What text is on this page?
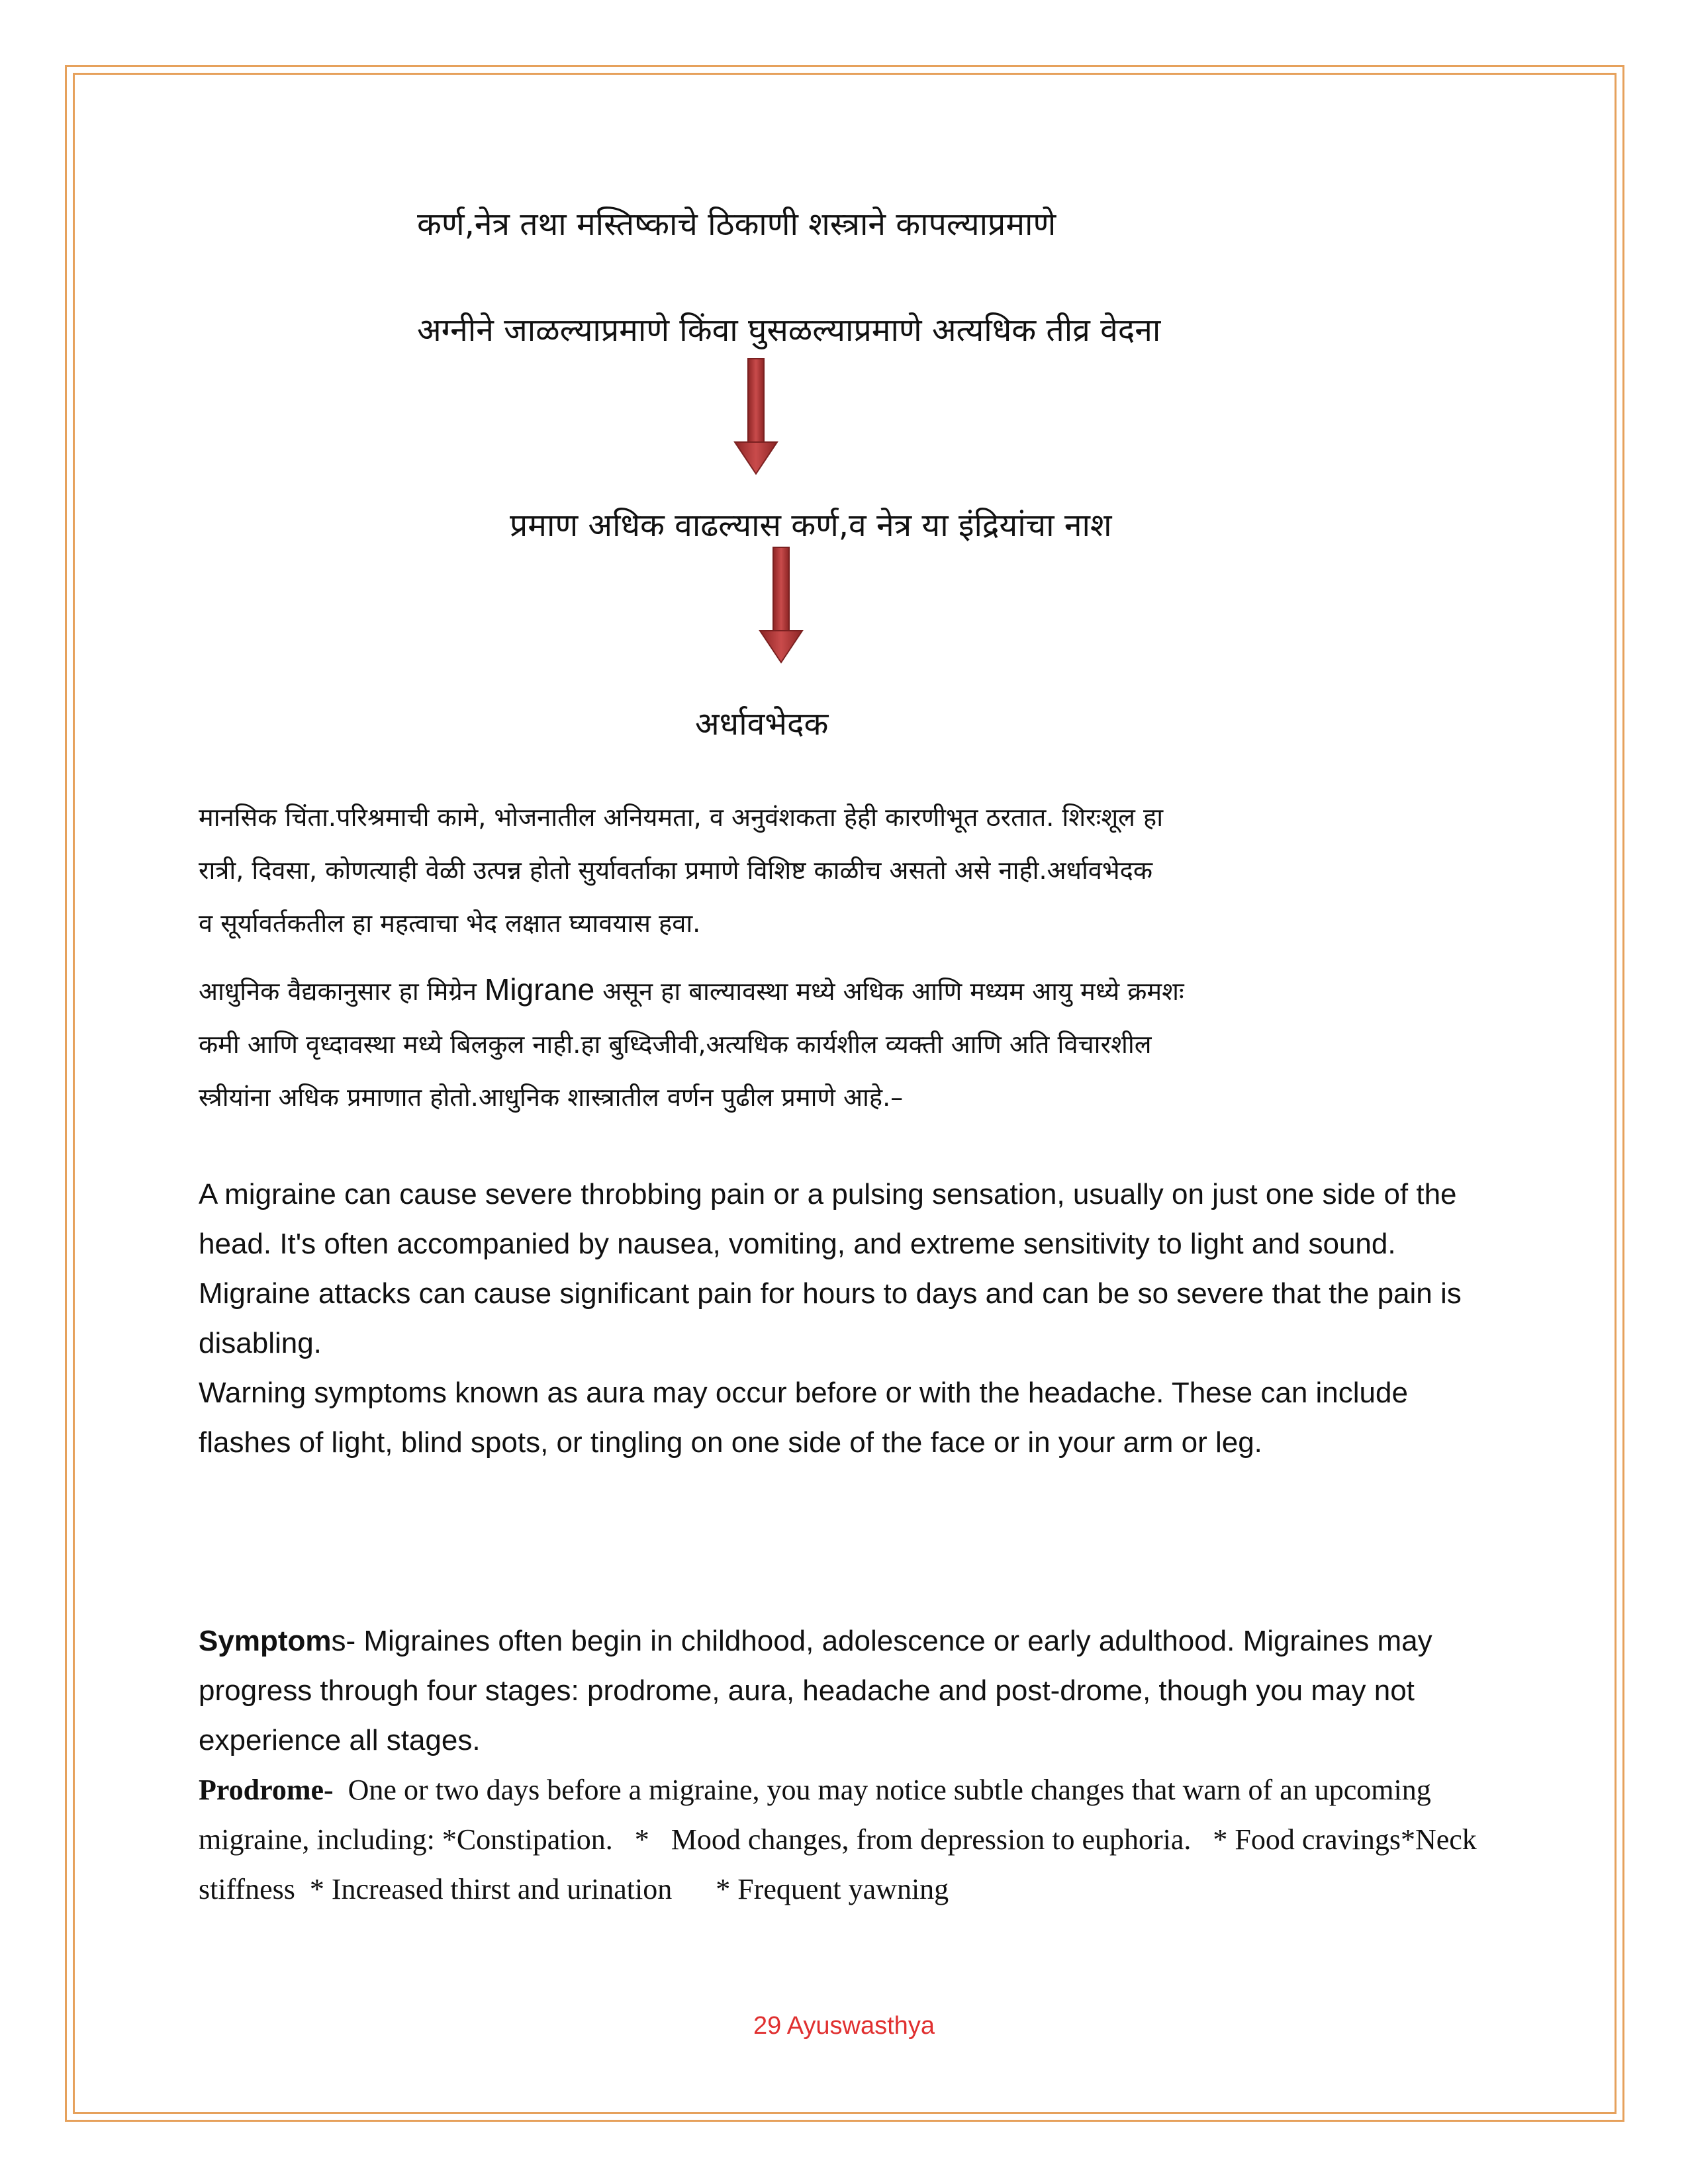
कर्ण,नेत्र तथा मस्तिष्काचे ठिकाणी शस्त्राने कापल्याप्रमाणे
अग्नीने जाळल्याप्रमाणे किंवा घुसळल्याप्रमाणे अत्यधिक तीव्र वेदना
प्रमाण अधिक वाढल्यास कर्ण,व नेत्र या इंद्रियांचा नाश
अर्धावभेदक
मानसिक चिंता.परिश्रमाची कामे, भोजनातील अनियमता, व अनुवंशकता हेही कारणीभूत ठरतात. शिरःशूल हा
रात्री, दिवसा, कोणत्याही वेळी उत्पन्न होतो सुर्यावर्ताका प्रमाणे विशिष्ट काळीच असतो असे नाही.अर्धावभेदक
व सूर्यावर्तकतील हा महत्वाचा भेद लक्षात घ्यावयास हवा.
आधुनिक वैद्यकानुसार हा मिग्रेन Migrane असून हा बाल्यावस्था मध्ये अधिक आणि मध्यम आयु मध्ये क्रमशः
कमी आणि वृध्दावस्था मध्ये बिलकुल नाही.हा बुध्दिजीवी,अत्यधिक कार्यशील व्यक्ती आणि अति विचारशील
स्त्रीयांना अधिक प्रमाणात होतो.आधुनिक शास्त्रातील वर्णन पुढील प्रमाणे आहे.–
A migraine can cause severe throbbing pain or a pulsing sensation, usually on just one side of the head. It's often accompanied by nausea, vomiting, and extreme sensitivity to light and sound.
Migraine attacks can cause significant pain for hours to days and can be so severe that the pain is disabling.
Warning symptoms known as aura may occur before or with the headache. These can include flashes of light, blind spots, or tingling on one side of the face or in your arm or leg.
Symptoms- Migraines often begin in childhood, adolescence or early adulthood. Migraines may progress through four stages: prodrome, aura, headache and post-drome, though you may not experience all stages.
Prodrome-  One or two days before a migraine, you may notice subtle changes that warn of an upcoming migraine, including: *Constipation.   *   Mood changes, from depression to euphoria.   * Food cravings*Neck stiffness  * Increased thirst and urination      * Frequent yawning
29 Ayuswasthya
